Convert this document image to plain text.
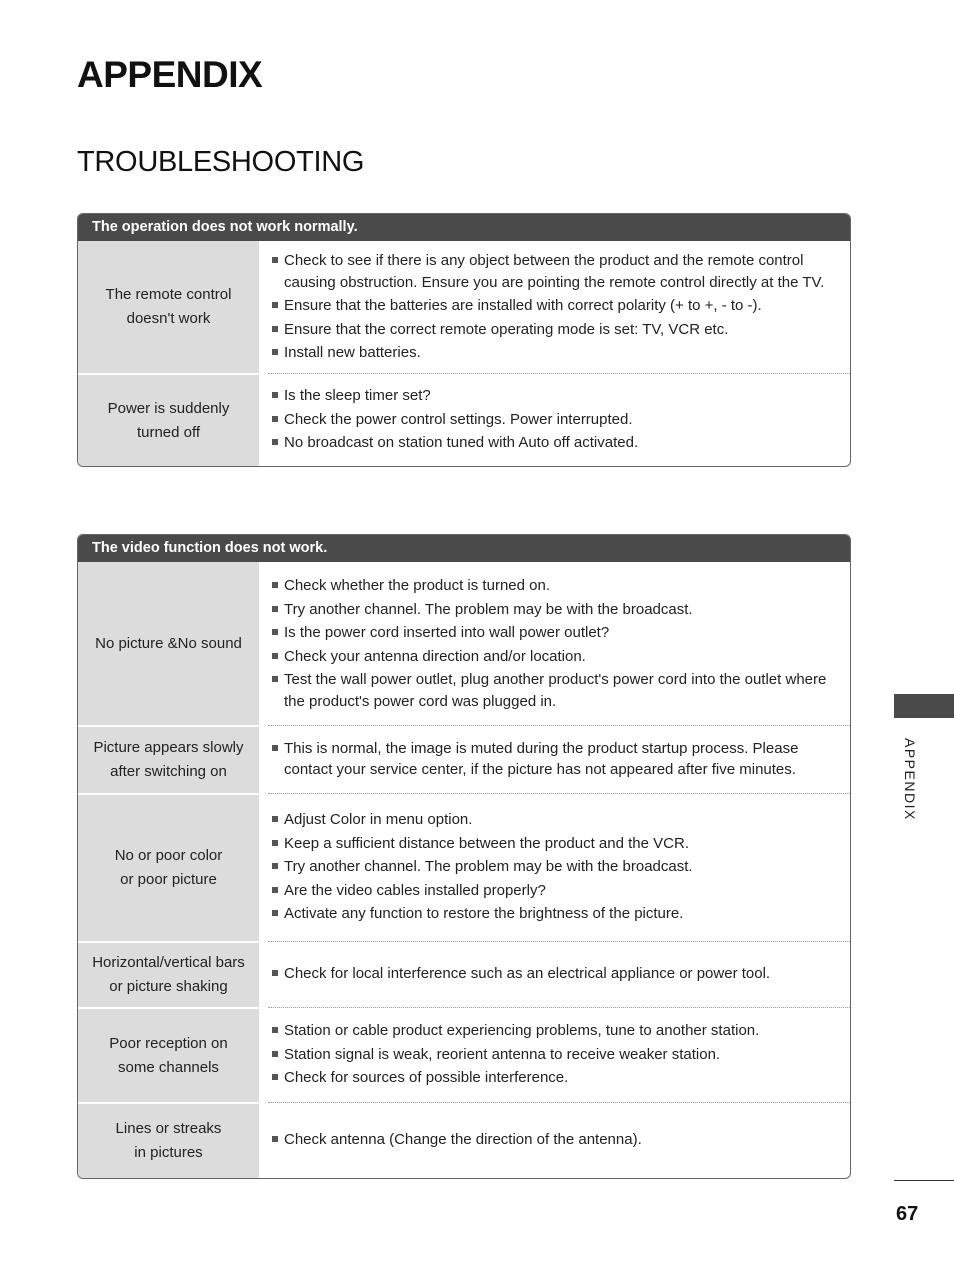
APPENDIX
TROUBLESHOOTING
The operation does not work normally.
The remote control
doesn't work
Check to see if there is any object between the product and the remote control causing obstruction. Ensure you are pointing the remote control directly at the TV.
Ensure that the batteries are installed with correct polarity (+ to +, - to -).
Ensure that the correct remote operating mode is set: TV, VCR etc.
Install new batteries.
Power is suddenly
turned off
Is the sleep timer set?
Check the power control settings. Power interrupted.
No broadcast on station tuned with Auto off activated.
The video function does not work.
No picture &No sound
Check whether the product is turned on.
Try another channel. The problem may be with the broadcast.
Is the power cord inserted into wall power outlet?
Check your antenna direction and/or location.
Test the wall power outlet, plug another product's power cord into the outlet where the product's power cord was plugged in.
Picture appears slowly
after switching on
This is normal, the image is muted during the product startup process. Please contact your service center, if the picture has not appeared after five minutes.
No or poor color
or poor picture
Adjust Color in menu option.
Keep a sufficient distance between the product and the VCR.
Try another channel. The problem may be with the broadcast.
Are the video cables installed properly?
Activate any function to restore the brightness of the picture.
Horizontal/vertical bars
or picture shaking
Check for local interference such as an electrical appliance or power tool.
Poor reception on
some channels
Station or cable product experiencing problems, tune to another station.
Station signal is weak, reorient antenna to receive weaker station.
Check for sources of possible interference.
Lines or streaks
in pictures
Check antenna (Change the direction of the antenna).
APPENDIX
67
